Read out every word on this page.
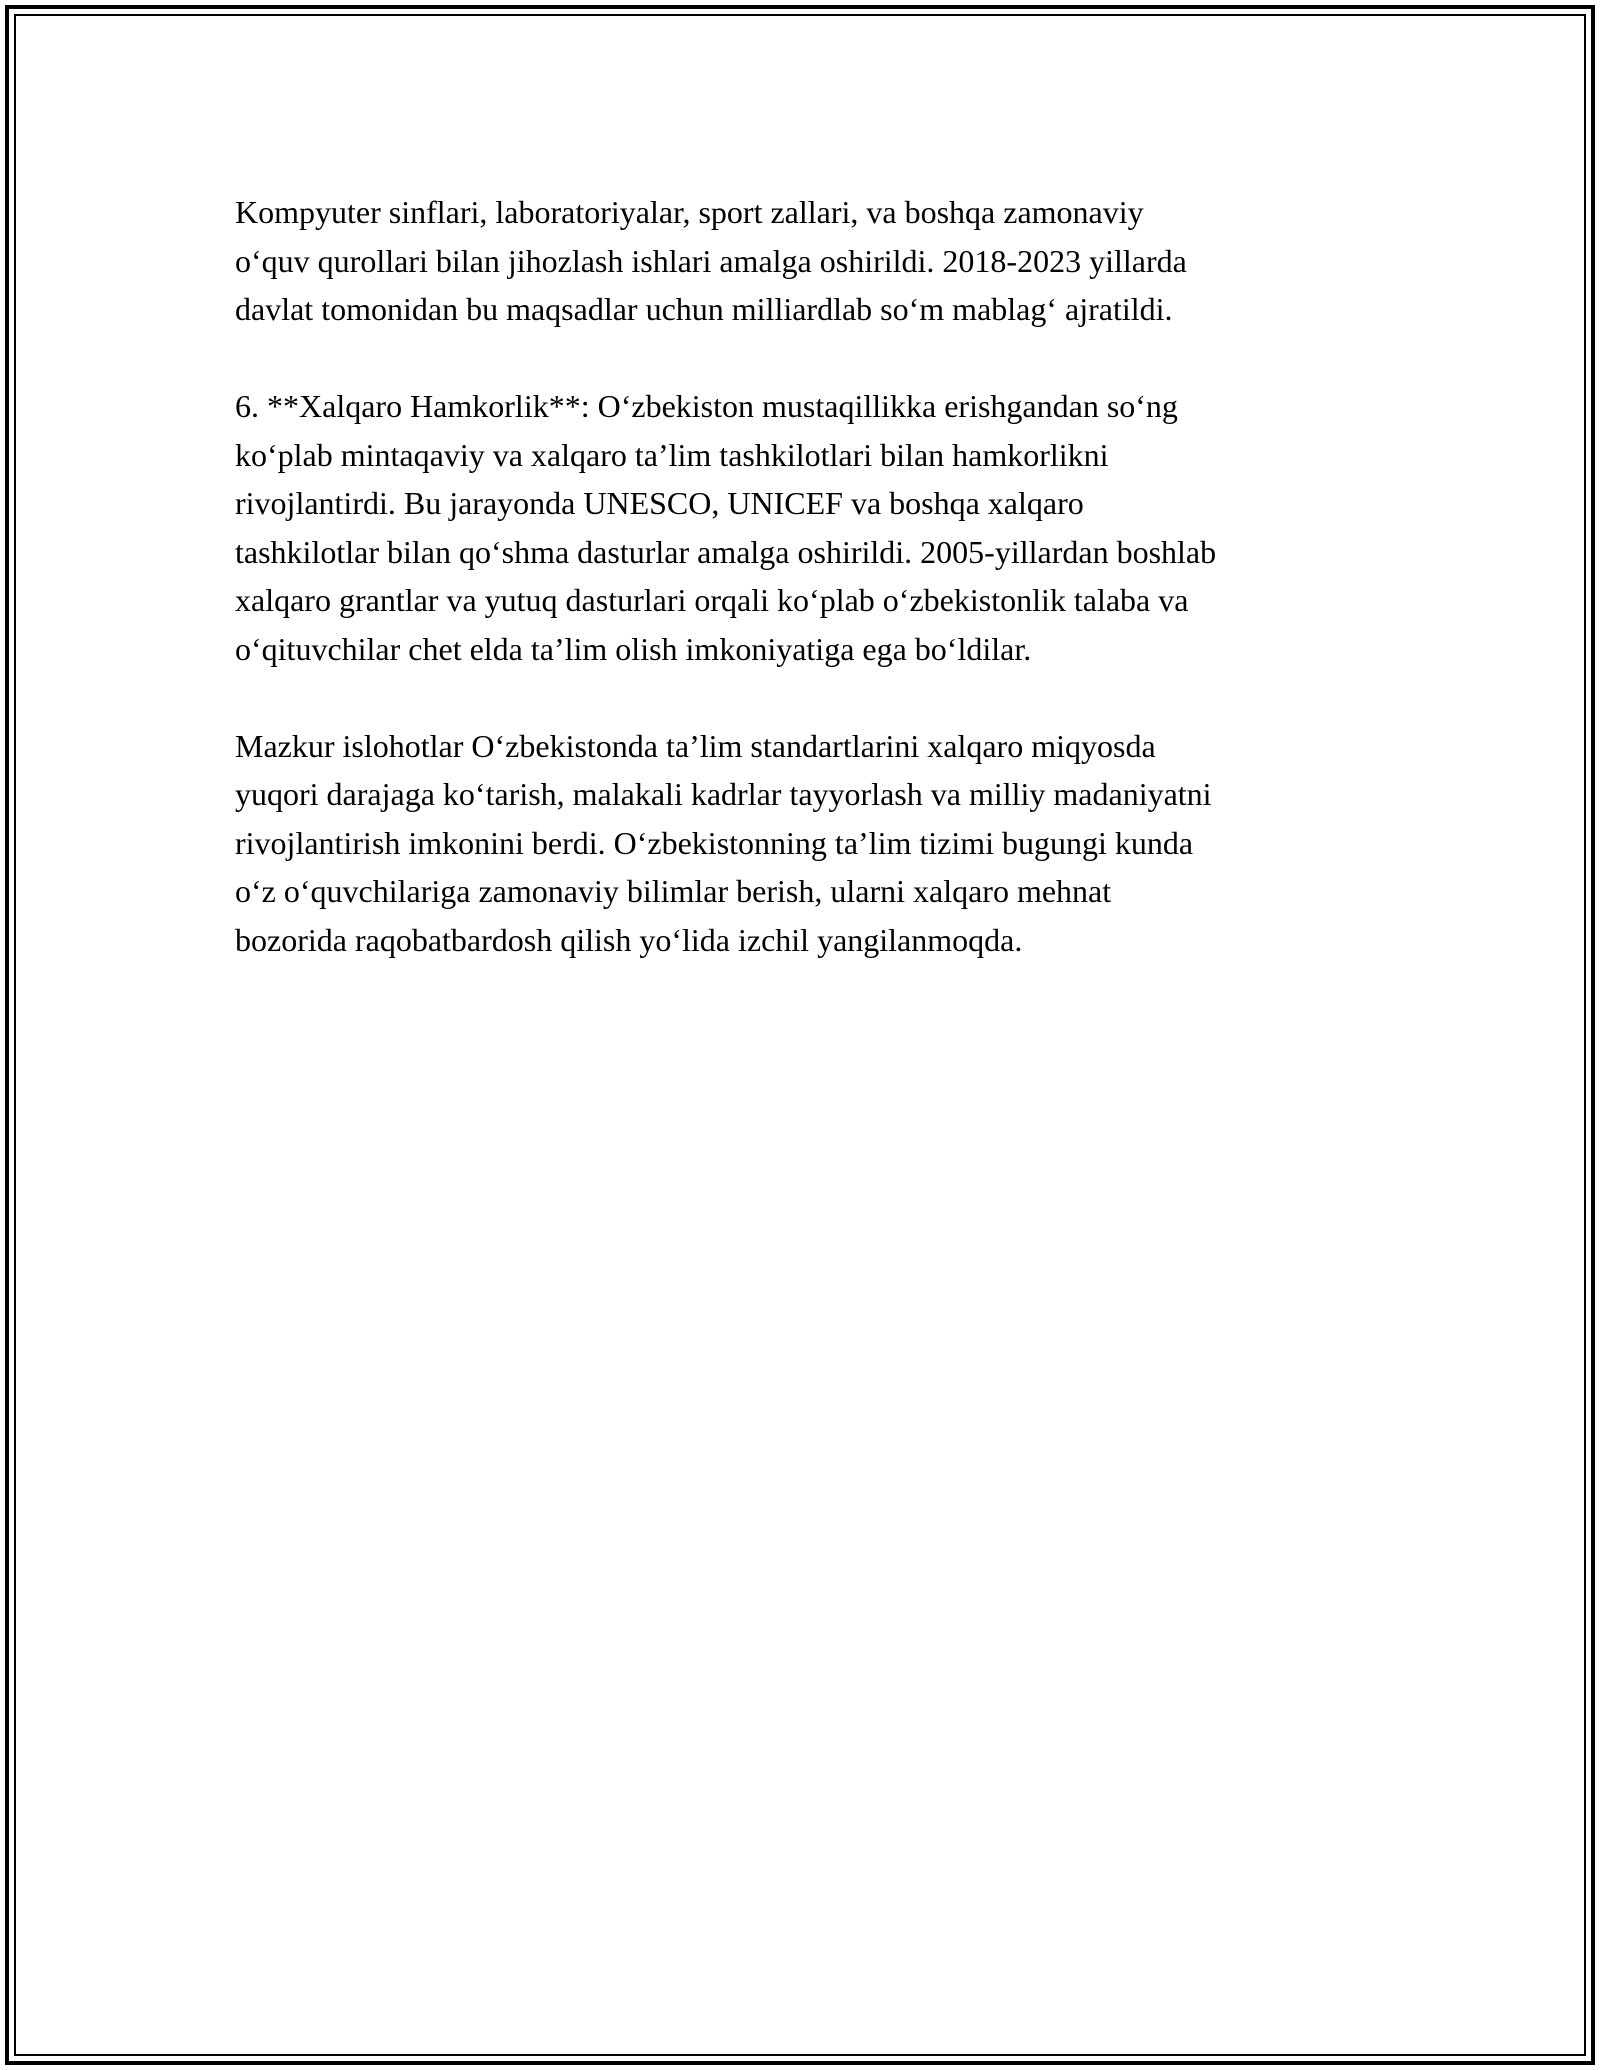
Kompyuter sinflari, laboratoriyalar, sport zallari, va boshqa zamonaviy
o‘quv qurollari bilan jihozlash ishlari amalga oshirildi. 2018-2023 yillarda
davlat tomonidan bu maqsadlar uchun milliardlab so‘m mablag‘ ajratildi.

6. **Xalqaro Hamkorlik**: O‘zbekiston mustaqillikka erishgandan so‘ng
ko‘plab mintaqaviy va xalqaro ta’lim tashkilotlari bilan hamkorlikni
rivojlantirdi. Bu jarayonda UNESCO, UNICEF va boshqa xalqaro
tashkilotlar bilan qo‘shma dasturlar amalga oshirildi. 2005-yillardan boshlab
xalqaro grantlar va yutuq dasturlari orqali ko‘plab o‘zbekistonlik talaba va
o‘qituvchilar chet elda ta’lim olish imkoniyatiga ega bo‘ldilar.

Mazkur islohotlar O‘zbekistonda ta’lim standartlarini xalqaro miqyosda
yuqori darajaga ko‘tarish, malakali kadrlar tayyorlash va milliy madaniyatni
rivojlantirish imkonini berdi. O‘zbekistonning ta’lim tizimi bugungi kunda
o‘z o‘quvchilariga zamonaviy bilimlar berish, ularni xalqaro mehnat
bozorida raqobatbardosh qilish yo‘lida izchil yangilanmoqda.
